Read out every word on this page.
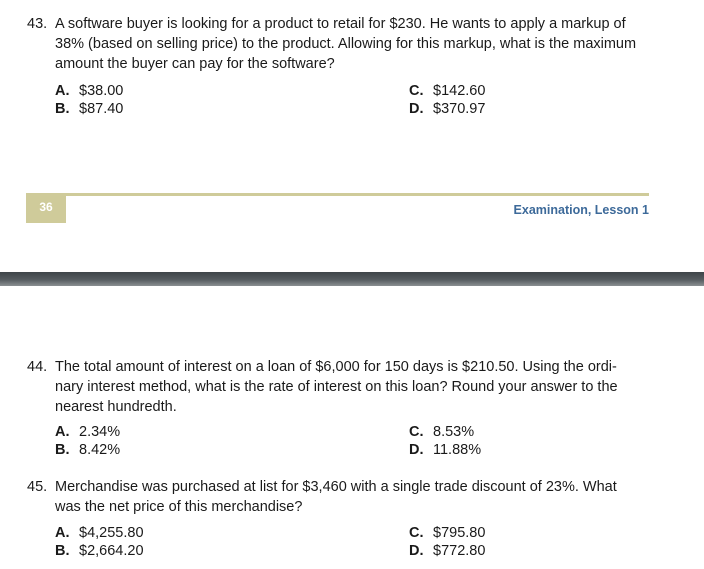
43. A software buyer is looking for a product to retail for $230. He wants to apply a markup of
38% (based on selling price) to the product. Allowing for this markup, what is the maximum
amount the buyer can pay for the software?
A. $38.00
B. $87.40
C. $142.60
D. $370.97
36	Examination, Lesson 1
44. The total amount of interest on a loan of $6,000 for 150 days is $210.50. Using the ordi-
nary interest method, what is the rate of interest on this loan? Round your answer to the
nearest hundredth.
A. 2.34%
B. 8.42%
C. 8.53%
D. 11.88%
45. Merchandise was purchased at list for $3,460 with a single trade discount of 23%. What
was the net price of this merchandise?
A. $4,255.80
B. $2,664.20
C. $795.80
D. $772.80
